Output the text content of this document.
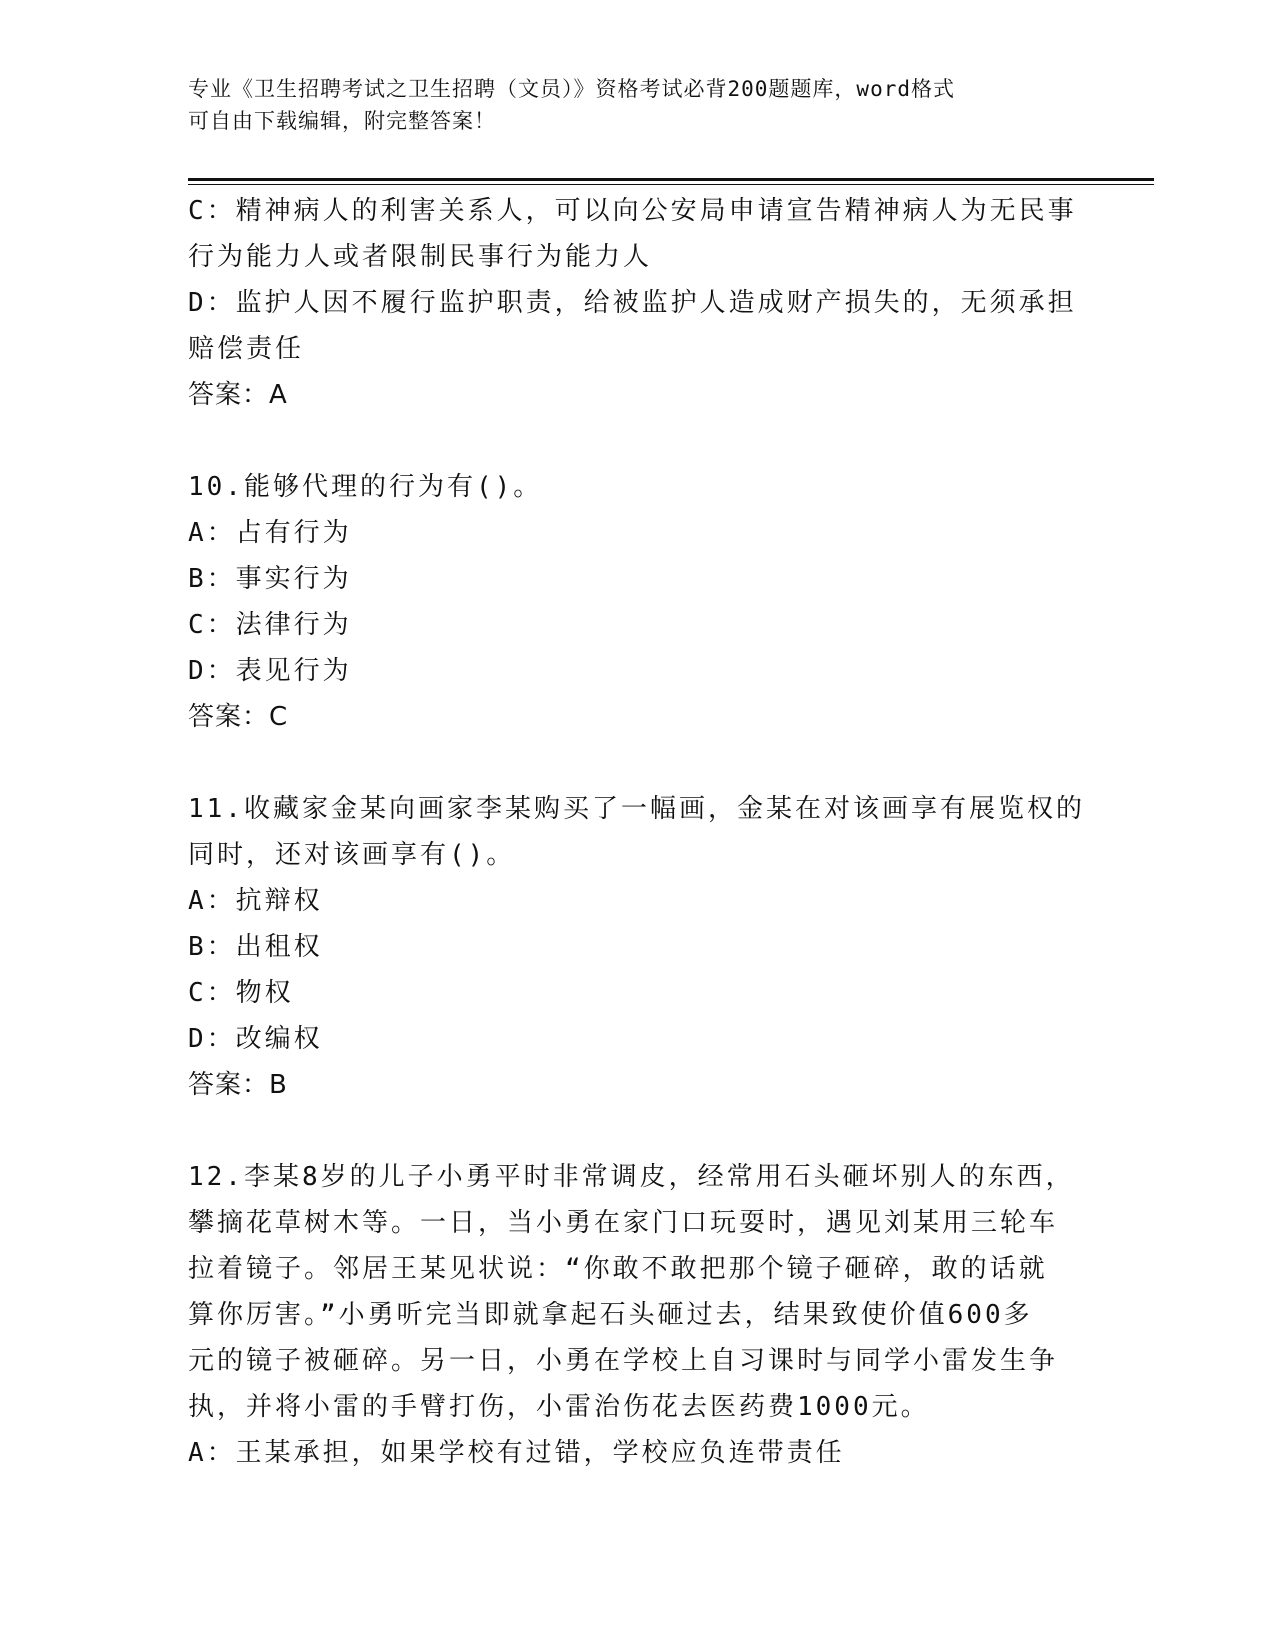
专业《卫生招聘考试之卫生招聘（文员）》资格考试必背200题题库，word格式
可自由下载编辑，附完整答案！

C：精神病人的利害关系人，可以向公安局申请宣告精神病人为无民事

行为能力人或者限制民事行为能力人

D：监护人因不履行监护职责，给被监护人造成财产损失的，无须承担

赔偿责任

答案：A

10.能够代理的行为有()。

A：占有行为

B：事实行为

C：法律行为

D：表见行为

答案：C

11.收藏家金某向画家李某购买了一幅画，金某在对该画享有展览权的

同时，还对该画享有()。

A：抗辩权

B：出租权

C：物权

D：改编权

答案：B

12.李某8岁的儿子小勇平时非常调皮，经常用石头砸坏别人的东西，

攀摘花草树木等。一日，当小勇在家门口玩耍时，遇见刘某用三轮车

拉着镜子。邻居王某见状说：“你敢不敢把那个镜子砸碎，敢的话就

算你厉害。”小勇听完当即就拿起石头砸过去，结果致使价值600多

元的镜子被砸碎。另一日，小勇在学校上自习课时与同学小雷发生争

执，并将小雷的手臂打伤，小雷治伤花去医药费1000元。

A：王某承担，如果学校有过错，学校应负连带责任
